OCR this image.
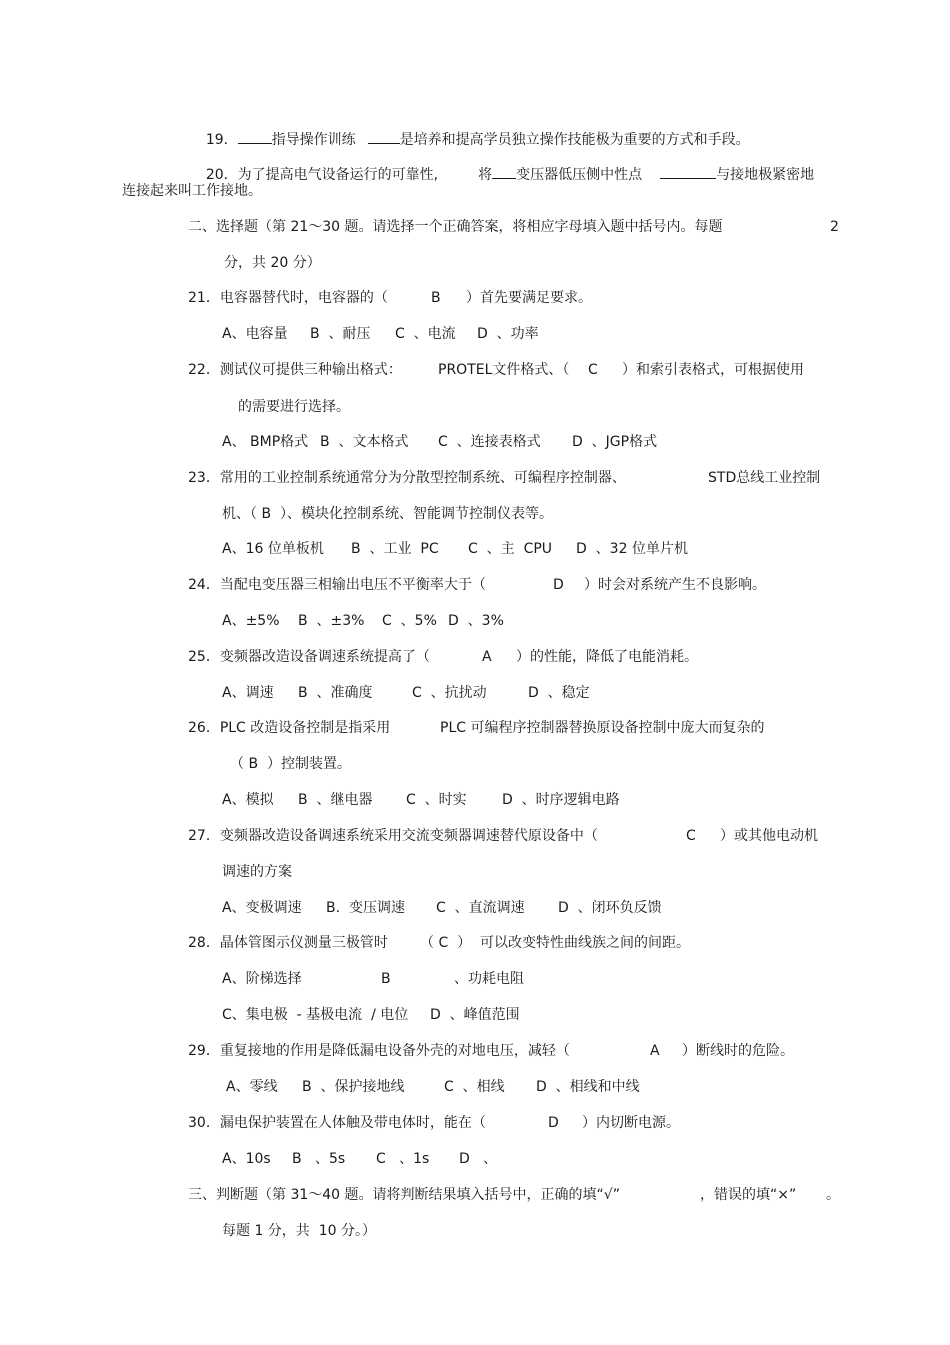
19． 指导操作训练	是培养和提高学员独立操作技能极为重要的方式和手段。

20．为了提高电气设备运行的可靠性,	将 变压器低压侧中性点	与接地极紧密地

连接起来叫工作接地。
二、选择题（第 21～30 题。请选择一个正确答案，将相应字母填入题中括号内。每题	2
分，共 20 分）
21．电容器替代时，电容器的（	B ）首先要满足要求。
A、电容量 B  、耐压 C  、电流 D  、功率
22．测试仪可提供三种输出格式：	PROTEL文件格式、（ C ）和索引表格式，可根据使用
的需要进行选择。
A、 BMP格式 B  、文本格式 C  、连接表格式 D  、JGP格式
23．常用的工业控制系统通常分为分散型控制系统、可编程序控制器、	STD总线工业控制
机、（ B  ）、模块化控制系统、智能调节控制仪表等。
A、16 位单板机 B  、工业  PC C  、主  CPU D  、32 位单片机
24．当配电变压器三相输出电压不平衡率大于（	D ）时会对系统产生不良影响。
A、±5% B  、±3% C  、5% D  、3%
25．变频器改造设备调速系统提高了（	A ）的性能，降低了电能消耗。
A、调速 B  、准确度	C  、抗扰动	D  、稳定
26．PLC 改造设备控制是指采用	PLC 可编程序控制器替换原设备控制中庞大而复杂的
（ B  ）控制装置。
A、模拟 B  、继电器 C  、时实	D  、时序逻辑电路
27．变频器改造设备调速系统采用交流变频器调速替代原设备中（	C ）或其他电动机
调速的方案
A、变极调速 B.  变压调速 C  、直流调速 D  、闭环负反馈
28．晶体管图示仪测量三极管时 （ C  ） 可以改变特性曲线族之间的间距。
A、阶梯选择	B	、功耗电阻
C、集电极  - 基极电流  / 电位 D  、峰值范围
29．重复接地的作用是降低漏电设备外壳的对地电压，减轻（	A ）断线时的危险。
A、零线 B  、保护接地线	C  、相线 D  、相线和中线
30．漏电保护装置在人体触及带电体时，能在（	D ）内切断电源。
A、10s B   、5s C   、1s D   、
三、判断题（第 31～40 题。请将判断结果填入括号中，正确的填“√”	，错误的填“×” 。
每题 1 分，共  10 分。）
